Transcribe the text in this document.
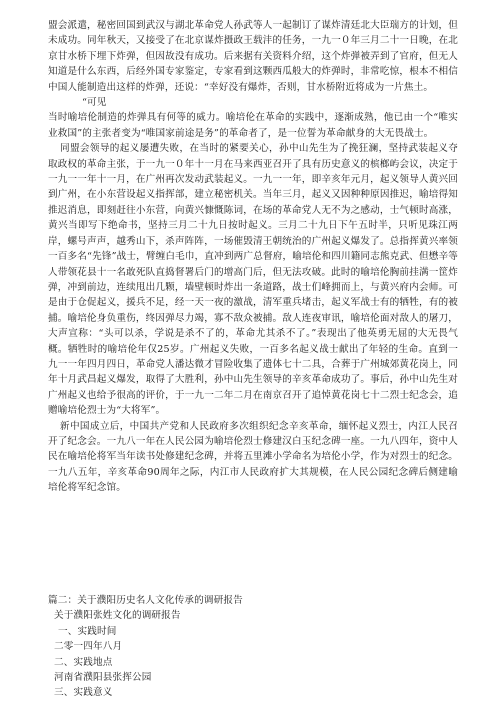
盟会派遣，秘密回国到武汉与湖北革命党人孙武等人一起制订了谋炸清廷北大臣瑞方的计划，但未成功。同年秋天，又接受了在北京谋炸摄政王载沣的任务，一九一０年三月二十一日晚，在北京甘水桥下埋下炸弹，但因故没有成功。后来据有关资料介绍，这个炸弹被弄到了官府，但无人知道是什么东西，后经外国专家鉴定，专家看到这颗西瓜般大的炸弹时，非常吃惊，根本不相信中国人能制造出这样的炸弹，还说：“幸好没有爆炸，否则，甘水桥附近将成为一片焦土。

“可见

当时喻培伦制造的炸弹具有何等的威力。喻培伦在革命的实践中，逐渐成熟，他已由一个“唯实业救国”的主张者变为“唯国家前途是务”的革命者了，是一位誓为革命献身的大无畏战士。

同盟会领导的起义屡遭失败，在当时的紧要关心，孙中山先生为了挽狂澜，坚持武装起义夺取政权的革命主张，于一九一０年十一月在马来西亚召开了具有历史意义的槟榔屿会议，决定于一九一一年十一月，在广州再次发动武装起义。一九一一年，即辛亥年元月，起义领导人黄兴回到广州，在小东营设起义指挥部，建立秘密机关。当年三月，起义又因种种原因推迟，喻培得知推迟消息，即刻赶往小东营，向黄兴慷慨陈词，在场的革命党人无不为之感动，士气顿时高涨，黄兴当即写下绝命书，坚持三月二十九日按时起义。三月二十九日下午五时半，只听见珠江两岸，螺号声声，越秀山下，杀声阵阵，一场催毁清王朝统治的广州起义爆发了。总指挥黄兴率领一百多名“先锋”战士，臂缠白毛巾，直冲到两广总督府，喻培伦和四川籍同志熊克武、但懋辛等人带领花县十一名敢死队直捣督署后门的增高门后，但无法攻破。此时的喻培伦胸前挂满一筐炸弹，冲到前边，连续甩出几颗，墙壁顿时炸出一条道路，战士们峰拥而上，与黄兴府内会师。可是由于仓促起义，援兵不足，经一天一夜的激战，清军重兵堵击，起义军战士有的牺牲，有的被捕。喻培伦身负重伤，终因弹尽力竭，寡不敌众被捕。敌人连夜审讯，喻培伦面对敌人的屠刀，大声宣称：“头可以杀，学说是杀不了的，革命尤其杀不了。”表现出了他英勇无屈的大无畏气概。牺牲时的喻培伦年仅25岁。广州起义失败，一百多名起义战士献出了年轻的生命。直到一九一一年四月四日，革命党人潘达微才冒险收集了遗体七十二具，合葬于广州城郊黄花岗上，同年十月武昌起义爆发，取得了大胜利，孙中山先生领导的辛亥革命成功了。事后，孙中山先生对广州起义也给予很高的评价，于一九一二年二月在南京召开了追悼黄花岗七十二烈士纪念会，追赠喻培伦烈士为“大将军”。

新中国成立后，中国共产党和人民政府多次组织纪念辛亥革命，缅怀起义烈士，内江人民召开了纪念会。一九八一年在人民公园为喻培伦烈士修建汉白玉纪念碑一座。一九八四年，资中人民在喻培伦将军当年读书处修建纪念碑，并将五里滩小学命名为培伦小学，作为对烈士的纪念。一九八五年，辛亥革命90周年之际，内江市人民政府扩大其规模，在人民公园纪念碑后侧建喻培伦将军纪念馆。

篇二：关于濮阳历史名人文化传承的调研报告

关于濮阳张姓文化的调研报告

一、实践时间

二零一四年八月

二、实践地点

河南省濮阳县张挥公园

三、实践意义
